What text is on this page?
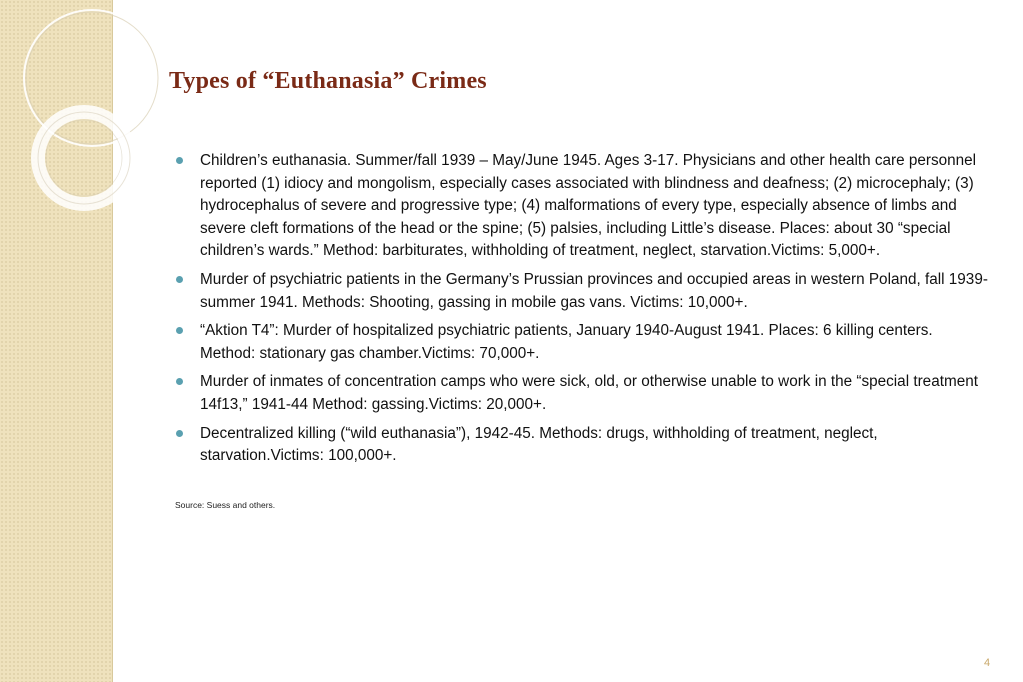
Types of “Euthanasia” Crimes
Children’s euthanasia. Summer/fall 1939 – May/June 1945. Ages 3-17. Physicians and other health care personnel reported (1) idiocy and mongolism, especially cases associated with blindness and deafness; (2) microcephaly; (3) hydrocephalus of severe and progressive type; (4) malformations of every type, especially absence of limbs and severe cleft formations of the head or the spine; (5) palsies, including Little’s disease. Places: about 30 “special children’s wards.” Method: barbiturates, withholding of treatment, neglect, starvation.Victims: 5,000+.
Murder of psychiatric patients in the Germany’s Prussian provinces and occupied areas in western Poland, fall 1939-summer 1941. Methods: Shooting, gassing in mobile gas vans. Victims: 10,000+.
“Aktion T4”: Murder of hospitalized psychiatric patients, January 1940-August 1941. Places: 6 killing centers. Method: stationary gas chamber.Victims: 70,000+.
Murder of inmates of concentration camps who were sick, old, or otherwise unable to work in the “special treatment 14f13,” 1941-44 Method: gassing.Victims: 20,000+.
Decentralized killing (“wild euthanasia”), 1942-45. Methods: drugs, withholding of treatment, neglect, starvation.Victims: 100,000+.
Source: Suess and others.
4
